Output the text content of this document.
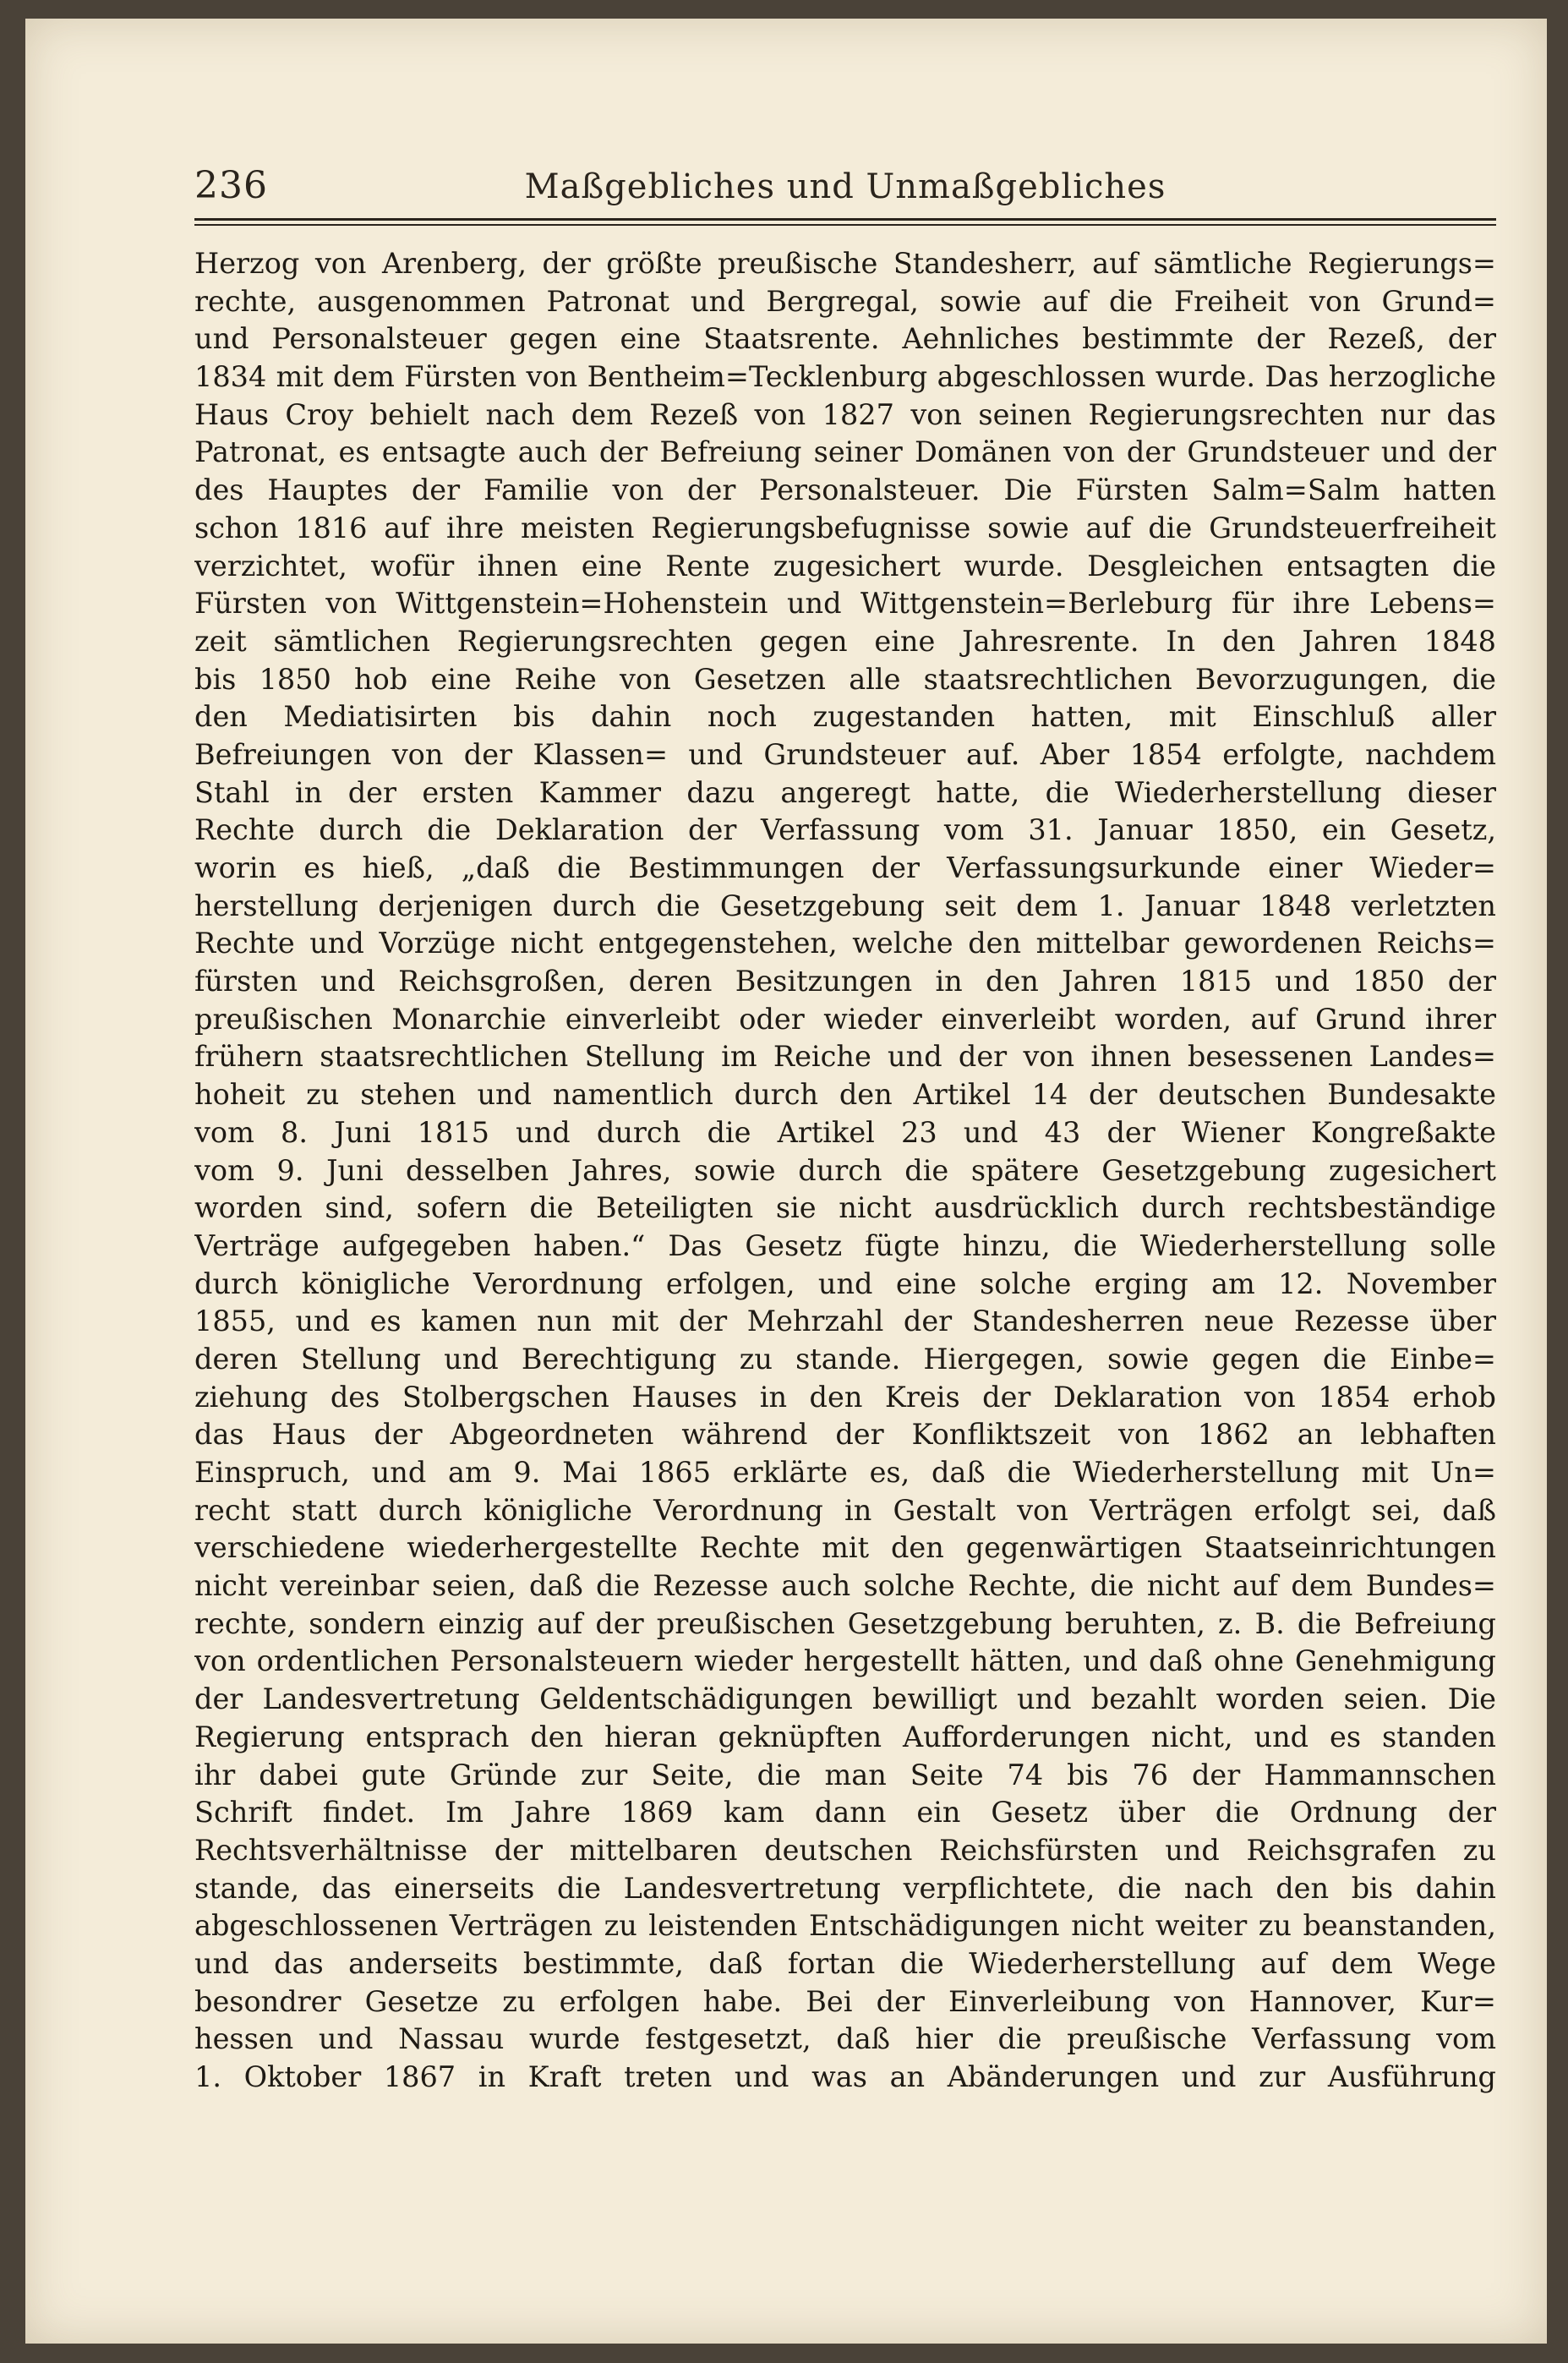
236	Maßgebliches und Unmaßgebliches
Herzog von Arenberg, der größte preußische Standesherr, auf sämtliche Regierungs=
rechte, ausgenommen Patronat und Bergregal, sowie auf die Freiheit von Grund=
und Personalsteuer gegen eine Staatsrente. Aehnliches bestimmte der Rezeß, der
1834 mit dem Fürsten von Bentheim=Tecklenburg abgeschlossen wurde. Das herzogliche
Haus Croy behielt nach dem Rezeß von 1827 von seinen Regierungsrechten nur das
Patronat, es entsagte auch der Befreiung seiner Domänen von der Grundsteuer und der
des Hauptes der Familie von der Personalsteuer. Die Fürsten Salm=Salm hatten
schon 1816 auf ihre meisten Regierungsbefugnisse sowie auf die Grundsteuerfreiheit
verzichtet, wofür ihnen eine Rente zugesichert wurde. Desgleichen entsagten die
Fürsten von Wittgenstein=Hohenstein und Wittgenstein=Berleburg für ihre Lebens=
zeit sämtlichen Regierungsrechten gegen eine Jahresrente. In den Jahren 1848
bis 1850 hob eine Reihe von Gesetzen alle staatsrechtlichen Bevorzugungen, die
den Mediatisirten bis dahin noch zugestanden hatten, mit Einschluß aller
Befreiungen von der Klassen= und Grundsteuer auf. Aber 1854 erfolgte, nachdem
Stahl in der ersten Kammer dazu angeregt hatte, die Wiederherstellung dieser
Rechte durch die Deklaration der Verfassung vom 31. Januar 1850, ein Gesetz,
worin es hieß, „daß die Bestimmungen der Verfassungsurkunde einer Wieder=
herstellung derjenigen durch die Gesetzgebung seit dem 1. Januar 1848 verletzten
Rechte und Vorzüge nicht entgegenstehen, welche den mittelbar gewordenen Reichs=
fürsten und Reichsgroßen, deren Besitzungen in den Jahren 1815 und 1850 der
preußischen Monarchie einverleibt oder wieder einverleibt worden, auf Grund ihrer
frühern staatsrechtlichen Stellung im Reiche und der von ihnen besessenen Landes=
hoheit zu stehen und namentlich durch den Artikel 14 der deutschen Bundesakte
vom 8. Juni 1815 und durch die Artikel 23 und 43 der Wiener Kongreßakte
vom 9. Juni desselben Jahres, sowie durch die spätere Gesetzgebung zugesichert
worden sind, sofern die Beteiligten sie nicht ausdrücklich durch rechtsbeständige
Verträge aufgegeben haben.“ Das Gesetz fügte hinzu, die Wiederherstellung solle
durch königliche Verordnung erfolgen, und eine solche erging am 12. November
1855, und es kamen nun mit der Mehrzahl der Standesherren neue Rezesse über
deren Stellung und Berechtigung zu stande. Hiergegen, sowie gegen die Einbe=
ziehung des Stolbergschen Hauses in den Kreis der Deklaration von 1854 erhob
das Haus der Abgeordneten während der Konfliktszeit von 1862 an lebhaften
Einspruch, und am 9. Mai 1865 erklärte es, daß die Wiederherstellung mit Un=
recht statt durch königliche Verordnung in Gestalt von Verträgen erfolgt sei, daß
verschiedene wiederhergestellte Rechte mit den gegenwärtigen Staatseinrichtungen
nicht vereinbar seien, daß die Rezesse auch solche Rechte, die nicht auf dem Bundes=
rechte, sondern einzig auf der preußischen Gesetzgebung beruhten, z. B. die Befreiung
von ordentlichen Personalsteuern wieder hergestellt hätten, und daß ohne Genehmigung
der Landesvertretung Geldentschädigungen bewilligt und bezahlt worden seien. Die
Regierung entsprach den hieran geknüpften Aufforderungen nicht, und es standen
ihr dabei gute Gründe zur Seite, die man Seite 74 bis 76 der Hammannschen
Schrift findet. Im Jahre 1869 kam dann ein Gesetz über die Ordnung der
Rechtsverhältnisse der mittelbaren deutschen Reichsfürsten und Reichsgrafen zu
stande, das einerseits die Landesvertretung verpflichtete, die nach den bis dahin
abgeschlossenen Verträgen zu leistenden Entschädigungen nicht weiter zu beanstanden,
und das anderseits bestimmte, daß fortan die Wiederherstellung auf dem Wege
besondrer Gesetze zu erfolgen habe. Bei der Einverleibung von Hannover, Kur=
hessen und Nassau wurde festgesetzt, daß hier die preußische Verfassung vom
1. Oktober 1867 in Kraft treten und was an Abänderungen und zur Ausführung
